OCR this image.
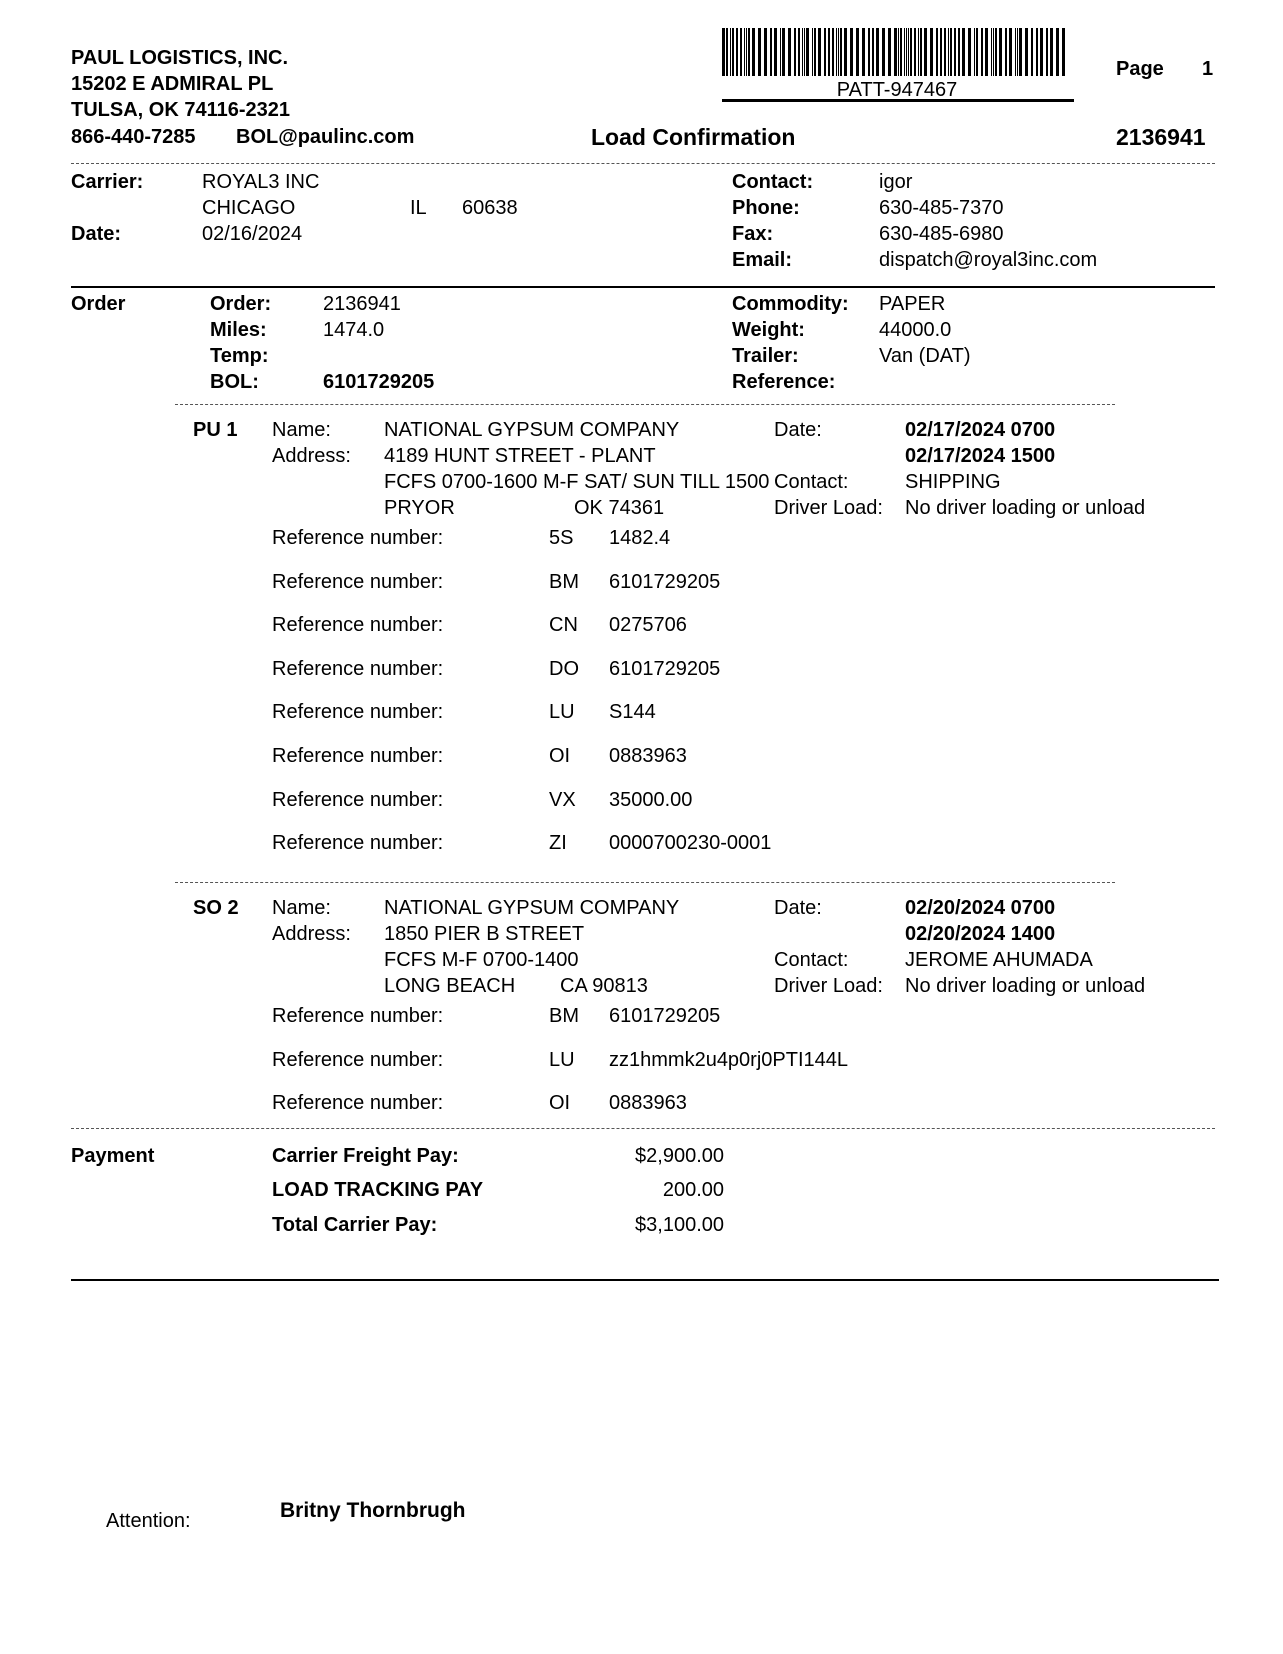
PAUL LOGISTICS, INC.
15202 E ADMIRAL PL
TULSA, OK 74116-2321
866-440-7285 BOL@paulinc.com
PATT-947467
Page 1
Load Confirmation	2136941
Carrier:	ROYAL3 INC
CHICAGO	IL 60638
Date:	02/16/2024
Contact:	igor
Phone:	630-485-7370
Fax:	630-485-6980
Email:	dispatch@royal3inc.com
Order	Order:	2136941
Miles:	1474.0
Temp:
BOL:	6101729205
Commodity: PAPER
Weight:	44000.0
Trailer:	Van (DAT)
Reference:
PU 1 Name:	NATIONAL GYPSUM COMPANY
Address: 4189 HUNT STREET - PLANT
FCFS 0700-1600 M-F SAT/ SUN TILL 1500
PRYOR	OK 74361
Date:	02/17/2024 0700
02/17/2024 1500
Contact:	SHIPPING
Driver Load: No driver loading or unload
Reference number:	5S 1482.4
Reference number:	BM 6101729205
Reference number:	CN 0275706
Reference number:	DO 6101729205
Reference number:	LU S144
Reference number:	OI 0883963
Reference number:	VX 35000.00
Reference number:	ZI 0000700230-0001
SO 2 Name:	NATIONAL GYPSUM COMPANY
Address: 1850 PIER B STREET
FCFS M-F 0700-1400
LONG BEACH CA 90813
Date:	02/20/2024 0700
02/20/2024 1400
Contact:	JEROME AHUMADA
Driver Load: No driver loading or unload
Reference number:	BM 6101729205
Reference number:	LU zz1hmmk2u4p0rj0PTI144L
Reference number:	OI 0883963
Payment	Carrier Freight Pay:	$2,900.00
LOAD TRACKING PAY	200.00
Total Carrier Pay:	$3,100.00
Attention:	Britny Thornbrugh
